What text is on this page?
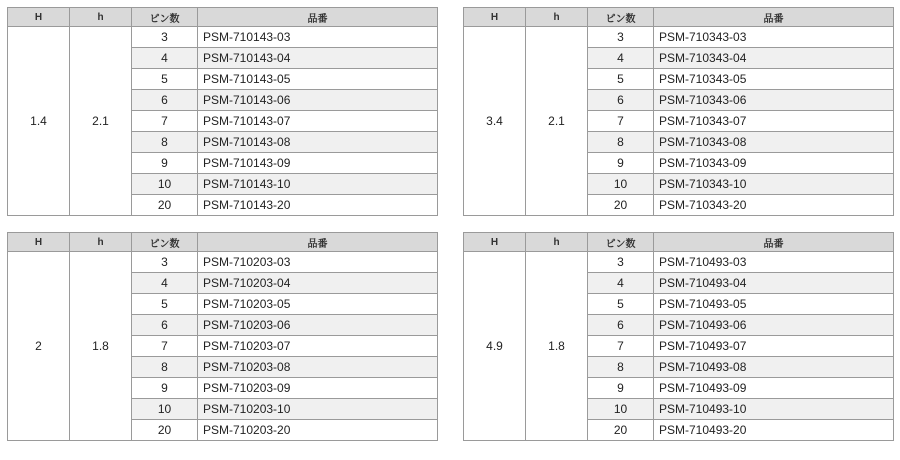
H	h	ピン数	品番
1.4	2.1	3	PSM-710143-03
		4	PSM-710143-04
		5	PSM-710143-05
		6	PSM-710143-06
		7	PSM-710143-07
		8	PSM-710143-08
		9	PSM-710143-09
		10	PSM-710143-10
		20	PSM-710143-20
H	h	ピン数	品番
3.4	2.1	3	PSM-710343-03
		4	PSM-710343-04
		5	PSM-710343-05
		6	PSM-710343-06
		7	PSM-710343-07
		8	PSM-710343-08
		9	PSM-710343-09
		10	PSM-710343-10
		20	PSM-710343-20
H	h	ピン数	品番
2	1.8	3	PSM-710203-03
		4	PSM-710203-04
		5	PSM-710203-05
		6	PSM-710203-06
		7	PSM-710203-07
		8	PSM-710203-08
		9	PSM-710203-09
		10	PSM-710203-10
		20	PSM-710203-20
H	h	ピン数	品番
4.9	1.8	3	PSM-710493-03
		4	PSM-710493-04
		5	PSM-710493-05
		6	PSM-710493-06
		7	PSM-710493-07
		8	PSM-710493-08
		9	PSM-710493-09
		10	PSM-710493-10
		20	PSM-710493-20
